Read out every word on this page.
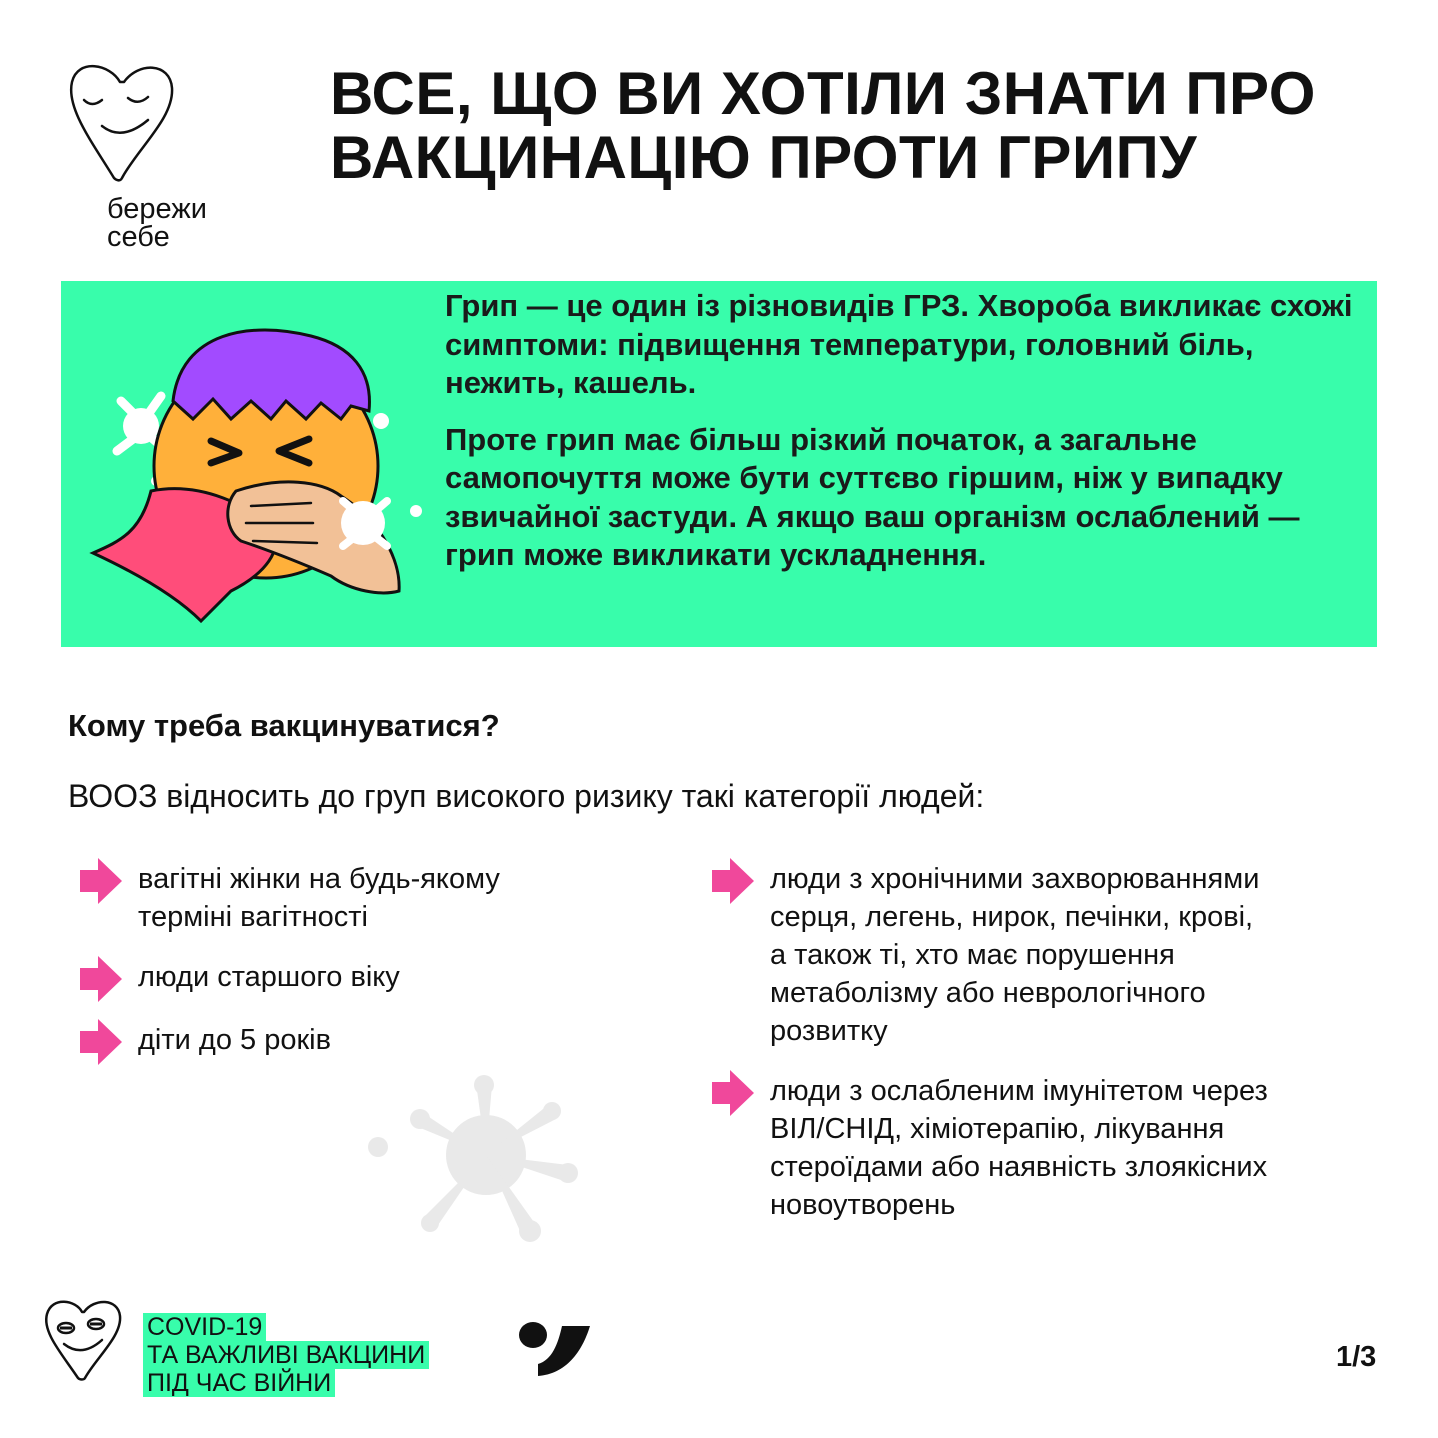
бережи
себе
ВСЕ, ЩО ВИ ХОТІЛИ ЗНАТИ ПРО
ВАКЦИНАЦІЮ ПРОТИ ГРИПУ

Грип — це один із різновидів ГРЗ. Хвороба викликає схожі симптоми: підвищення температури, головний біль, нежить, кашель.

Проте грип має більш різкий початок, а загальне самопочуття може бути суттєво гіршим, ніж у випадку звичайної застуди. А якщо ваш організм ослаблений — грип може викликати ускладнення.

Кому треба вакцинуватися?
ВООЗ відносить до груп високого ризику такі категорії людей:
вагітні жінки на будь-якому
терміні вагітності
люди старшого віку
діти до 5 років
люди з хронічними захворюваннями
серця, легень, нирок, печінки, крові,
а також ті, хто має порушення
метаболізму або неврологічного
розвитку
люди з ослабленим імунітетом через
ВІЛ/СНІД, хіміотерапію, лікування
стероїдами або наявність злоякісних
новоутворень
COVID-19
ТА ВАЖЛИВІ ВАКЦИНИ
ПІД ЧАС ВІЙНИ
1/3
